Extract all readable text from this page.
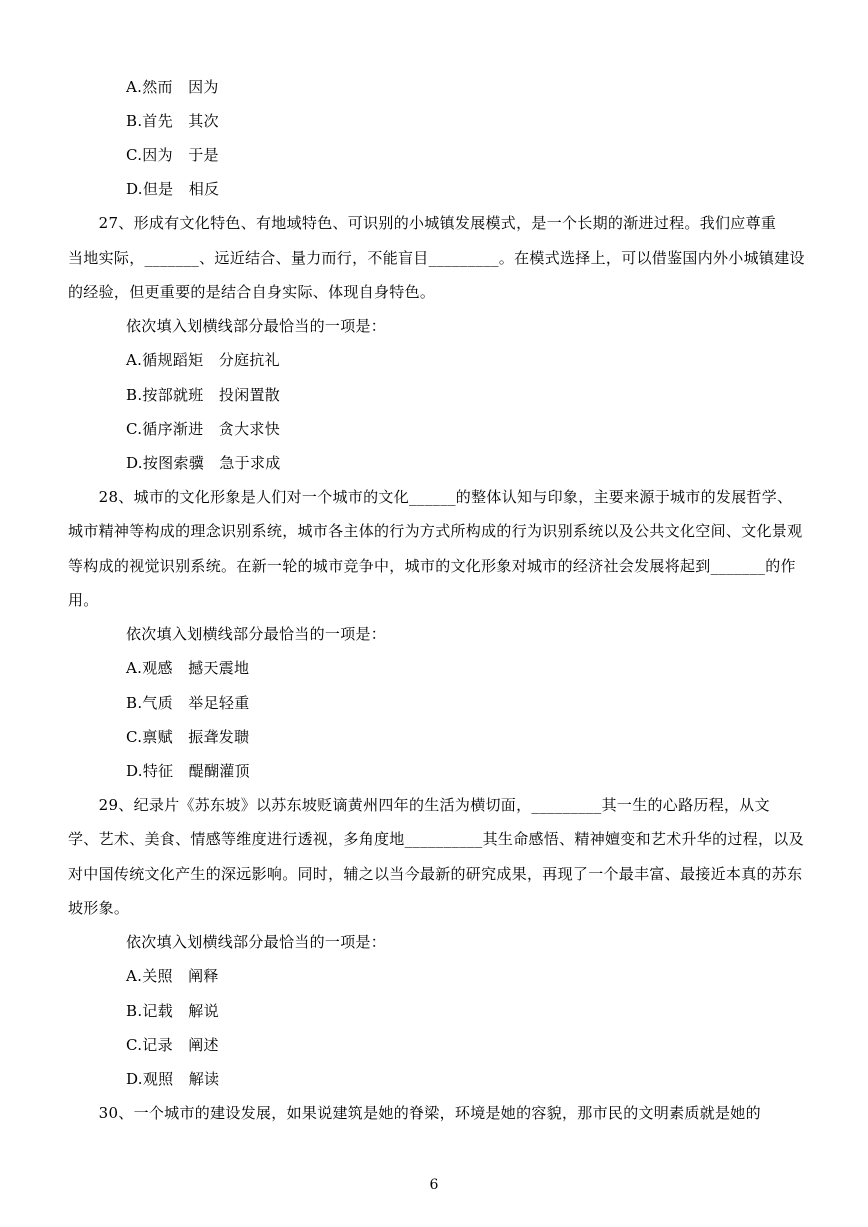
A.然而　因为
B.首先　其次
C.因为　于是
D.但是　相反
　　27、形成有文化特色、有地域特色、可识别的小城镇发展模式，是一个长期的渐进过程。我们应尊重
当地实际，_______、远近结合、量力而行，不能盲目_________。在模式选择上，可以借鉴国内外小城镇建设
的经验，但更重要的是结合自身实际、体现自身特色。
依次填入划横线部分最恰当的一项是：
A.循规蹈矩　分庭抗礼
B.按部就班　投闲置散
C.循序渐进　贪大求快
D.按图索骥　急于求成
　　28、城市的文化形象是人们对一个城市的文化______的整体认知与印象，主要来源于城市的发展哲学、
城市精神等构成的理念识别系统，城市各主体的行为方式所构成的行为识别系统以及公共文化空间、文化景观
等构成的视觉识别系统。在新一轮的城市竞争中，城市的文化形象对城市的经济社会发展将起到_______的作
用。
依次填入划横线部分最恰当的一项是：
A.观感　撼天震地
B.气质　举足轻重
C.禀赋　振聋发聩
D.特征　醍醐灌顶
　　29、纪录片《苏东坡》以苏东坡贬谪黄州四年的生活为横切面，_________其一生的心路历程，从文
学、艺术、美食、情感等维度进行透视，多角度地__________其生命感悟、精神嬗变和艺术升华的过程，以及
对中国传统文化产生的深远影响。同时，辅之以当今最新的研究成果，再现了一个最丰富、最接近本真的苏东
坡形象。
依次填入划横线部分最恰当的一项是：
A.关照　阐释
B.记载　解说
C.记录　阐述
D.观照　解读
　　30、一个城市的建设发展，如果说建筑是她的脊梁，环境是她的容貌，那市民的文明素质就是她的
6
